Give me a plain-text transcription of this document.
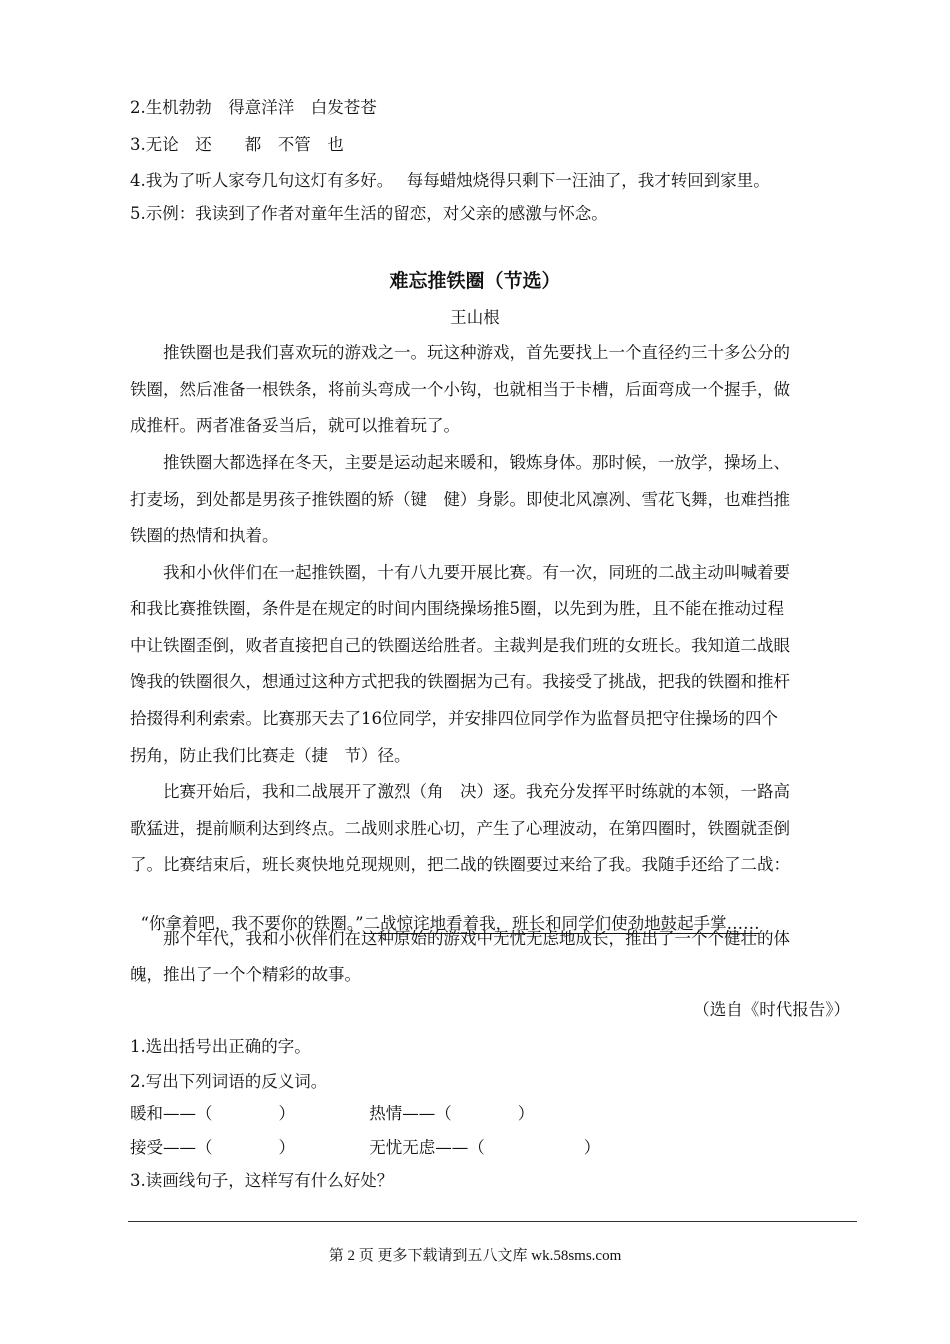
2.生机勃勃　得意洋洋　白发苍苍
3.无论　还　　都　不管　也
4.我为了听人家夸几句这灯有多好。　 每每蜡烛烧得只剩下一汪油了，我才转回到家里。
5.示例：我读到了作者对童年生活的留恋，对父亲的感激与怀念。
难忘推铁圈（节选）
王山根
　　推铁圈也是我们喜欢玩的游戏之一。玩这种游戏，首先要找上一个直径约三十多公分的
铁圈，然后准备一根铁条，将前头弯成一个小钩，也就相当于卡槽，后面弯成一个握手，做
成推杆。两者准备妥当后，就可以推着玩了。
　　推铁圈大都选择在冬天，主要是运动起来暖和，锻炼身体。那时候，一放学，操场上、
打麦场，到处都是男孩子推铁圈的矫（键　健）身影。即使北风凛冽、雪花飞舞，也难挡推
铁圈的热情和执着。
　　我和小伙伴们在一起推铁圈，十有八九要开展比赛。有一次，同班的二战主动叫喊着要
和我比赛推铁圈，条件是在规定的时间内围绕操场推5圈，以先到为胜，且不能在推动过程
中让铁圈歪倒，败者直接把自己的铁圈送给胜者。主裁判是我们班的女班长。我知道二战眼
馋我的铁圈很久，想通过这种方式把我的铁圈据为己有。我接受了挑战，把我的铁圈和推杆
拾掇得利利索索。比赛那天去了16位同学，并安排四位同学作为监督员把守住操场的四个
拐角，防止我们比赛走（捷　节）径。
　　比赛开始后，我和二战展开了激烈（角　决）逐。我充分发挥平时练就的本领，一路高
歌猛进，提前顺利达到终点。二战则求胜心切，产生了心理波动，在第四圈时，铁圈就歪倒
了。比赛结束后，班长爽快地兑现规则，把二战的铁圈要过来给了我。我随手还给了二战：

“你拿着吧，我不要你的铁圈。”二战惊诧地看着我，班长和同学们使劲地鼓起手掌……

　　那个年代，我和小伙伴们在这种原始的游戏中无忧无虑地成长，推出了一个个健壮的体
魄，推出了一个个精彩的故事。
（选自《时代报告》）
1.选出括号出正确的字。
2.写出下列词语的反义词。
暖和——（　　　　）　　　　　热情——（　　　　）
接受——（　　　　）　　　　　无忧无虑——（　　　　　　）
3.读画线句子，这样写有什么好处？
第 2 页 更多下载请到五八文库 wk.58sms.com
